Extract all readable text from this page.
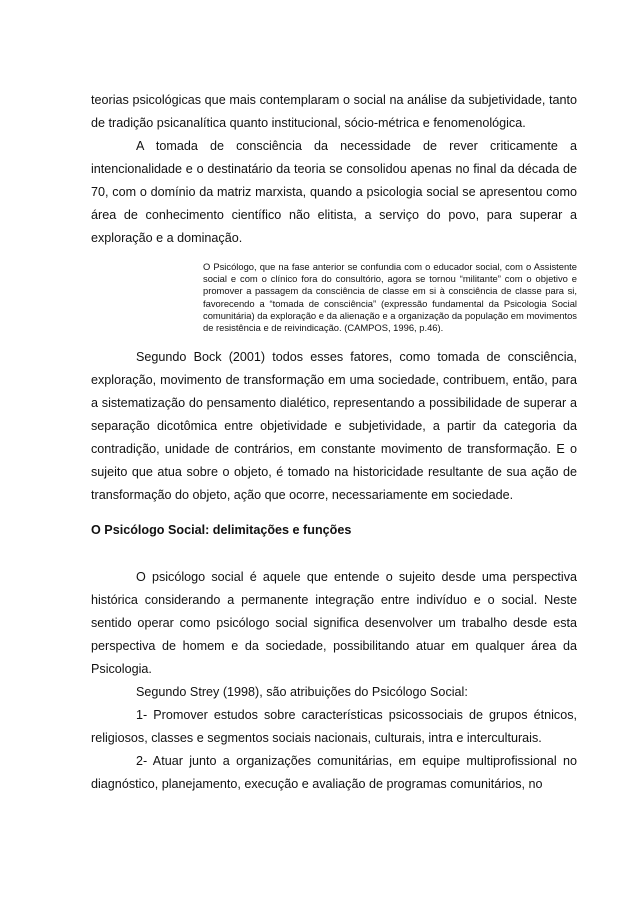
teorias psicológicas que mais contemplaram o social na análise da subjetividade, tanto de tradição psicanalítica quanto institucional, sócio-métrica e fenomenológica.

A tomada de consciência da necessidade de rever criticamente a intencionalidade e o destinatário da teoria se consolidou apenas no final da década de 70, com o domínio da matriz marxista, quando a psicologia social se apresentou como área de conhecimento científico não elitista, a serviço do povo, para superar a exploração e a dominação.

O Psicólogo, que na fase anterior se confundia com o educador social, com o Assistente social e com o clínico fora do consultório, agora se tornou “militante” com o objetivo e promover a passagem da consciência de classe em si à consciência de classe para si, favorecendo a “tomada de consciência” (expressão fundamental da Psicologia Social comunitária) da exploração e da alienação e a organização da população em movimentos de resistência e de reivindicação. (CAMPOS, 1996, p.46).

Segundo Bock (2001) todos esses fatores, como tomada de consciência, exploração, movimento de transformação em uma sociedade, contribuem, então, para a sistematização do pensamento dialético, representando a possibilidade de superar a separação dicotômica entre objetividade e subjetividade, a partir da categoria da contradição, unidade de contrários, em constante movimento de transformação. E o sujeito que atua sobre o objeto, é tomado na historicidade resultante de sua ação de transformação do objeto, ação que ocorre, necessariamente em sociedade.

O Psicólogo Social: delimitações e funções

O psicólogo social é aquele que entende o sujeito desde uma perspectiva histórica considerando a permanente integração entre indivíduo e o social. Neste sentido operar como psicólogo social significa desenvolver um trabalho desde esta perspectiva de homem e da sociedade, possibilitando atuar em qualquer área da Psicologia.

Segundo Strey (1998), são atribuições do Psicólogo Social:

1- Promover estudos sobre características psicossociais de grupos étnicos, religiosos, classes e segmentos sociais nacionais, culturais, intra e interculturais.

2- Atuar junto a organizações comunitárias, em equipe multiprofissional no diagnóstico, planejamento, execução e avaliação de programas comunitários, no
